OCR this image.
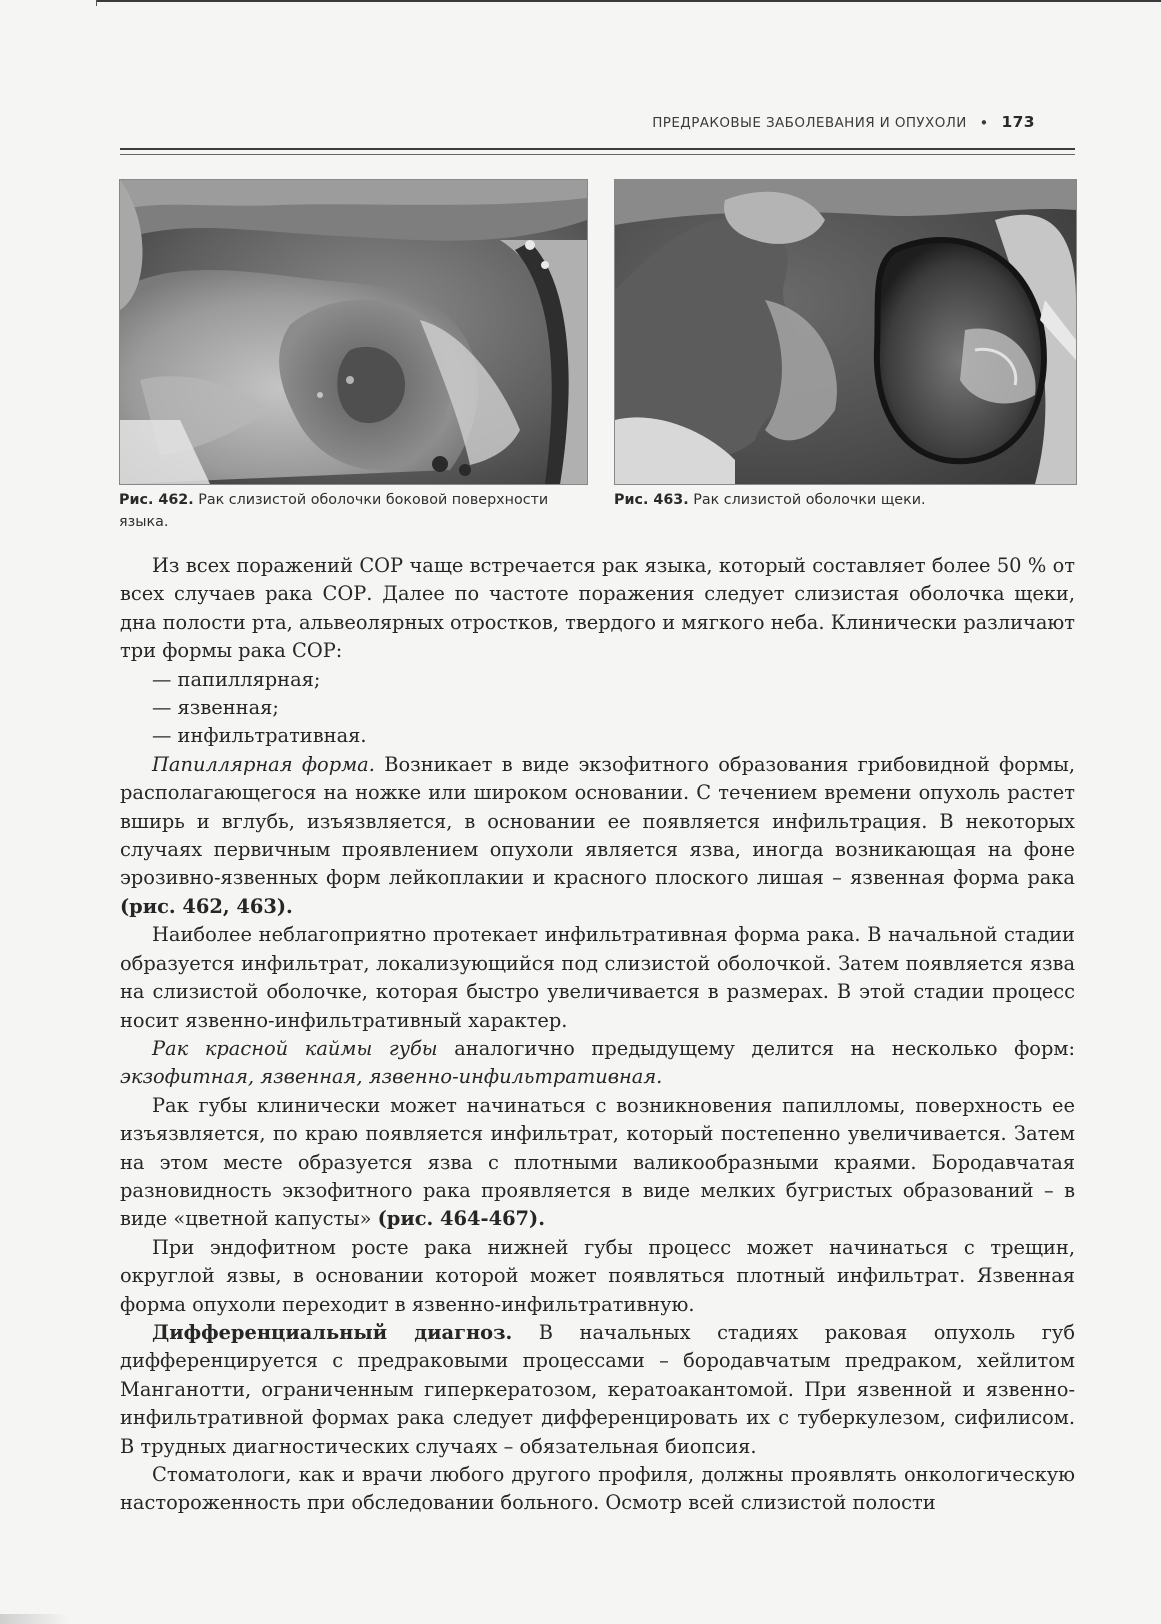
ПРЕДРАКОВЫЕ ЗАБОЛЕВАНИЯ И ОПУХОЛИ • 173
Рис. 462. Рак слизистой оболочки боковой поверхности языка.
Рис. 463. Рак слизистой оболочки щеки.

Из всех поражений СОР чаще встречается рак языка, который составляет более 50 % от всех случаев рака СОР. Далее по частоте поражения следует слизистая оболочка щеки, дна полости рта, альвеолярных отростков, твердого и мягкого неба. Клинически различают три формы рака СОР:

— папиллярная;

— язвенная;

— инфильтративная.

Папиллярная форма. Возникает в виде экзофитного образования грибовидной формы, располагающегося на ножке или широком основании. С течением времени опухоль растет вширь и вглубь, изъязвляется, в основании ее появляется инфильтрация. В некоторых случаях первичным проявлением опухоли является язва, иногда возникающая на фоне эрозивно-язвенных форм лейкоплакии и красного плоского лишая – язвенная форма рака (рис. 462, 463).

Наиболее неблагоприятно протекает инфильтративная форма рака. В начальной стадии образуется инфильтрат, локализующийся под слизистой оболочкой. Затем появляется язва на слизистой оболочке, которая быстро увеличивается в размерах. В этой стадии процесс носит язвенно-инфильтративный характер.

Рак красной каймы губы аналогично предыдущему делится на несколько форм: экзофитная, язвенная, язвенно-инфильтративная.

Рак губы клинически может начинаться с возникновения папилломы, поверхность ее изъязвляется, по краю появляется инфильтрат, который постепенно увеличивается. Затем на этом месте образуется язва с плотными валикообразными краями. Бородавчатая разновидность экзофитного рака проявляется в виде мелких бугристых образований – в виде «цветной капусты» (рис. 464-467).

При эндофитном росте рака нижней губы процесс может начинаться с трещин, округлой язвы, в основании которой может появляться плотный инфильтрат. Язвенная форма опухоли переходит в язвенно-инфильтративную.

Дифференциальный диагноз. В начальных стадиях раковая опухоль губ дифференцируется с предраковыми процессами – бородавчатым предраком, хейлитом Манганотти, ограниченным гиперкератозом, кератоакантомой. При язвенной и язвенно-инфильтративной формах рака следует дифференцировать их с туберкулезом, сифилисом. В трудных диагностических случаях – обязательная биопсия.

Стоматологи, как и врачи любого другого профиля, должны проявлять онкологическую настороженность при обследовании больного. Осмотр всей слизистой полости
